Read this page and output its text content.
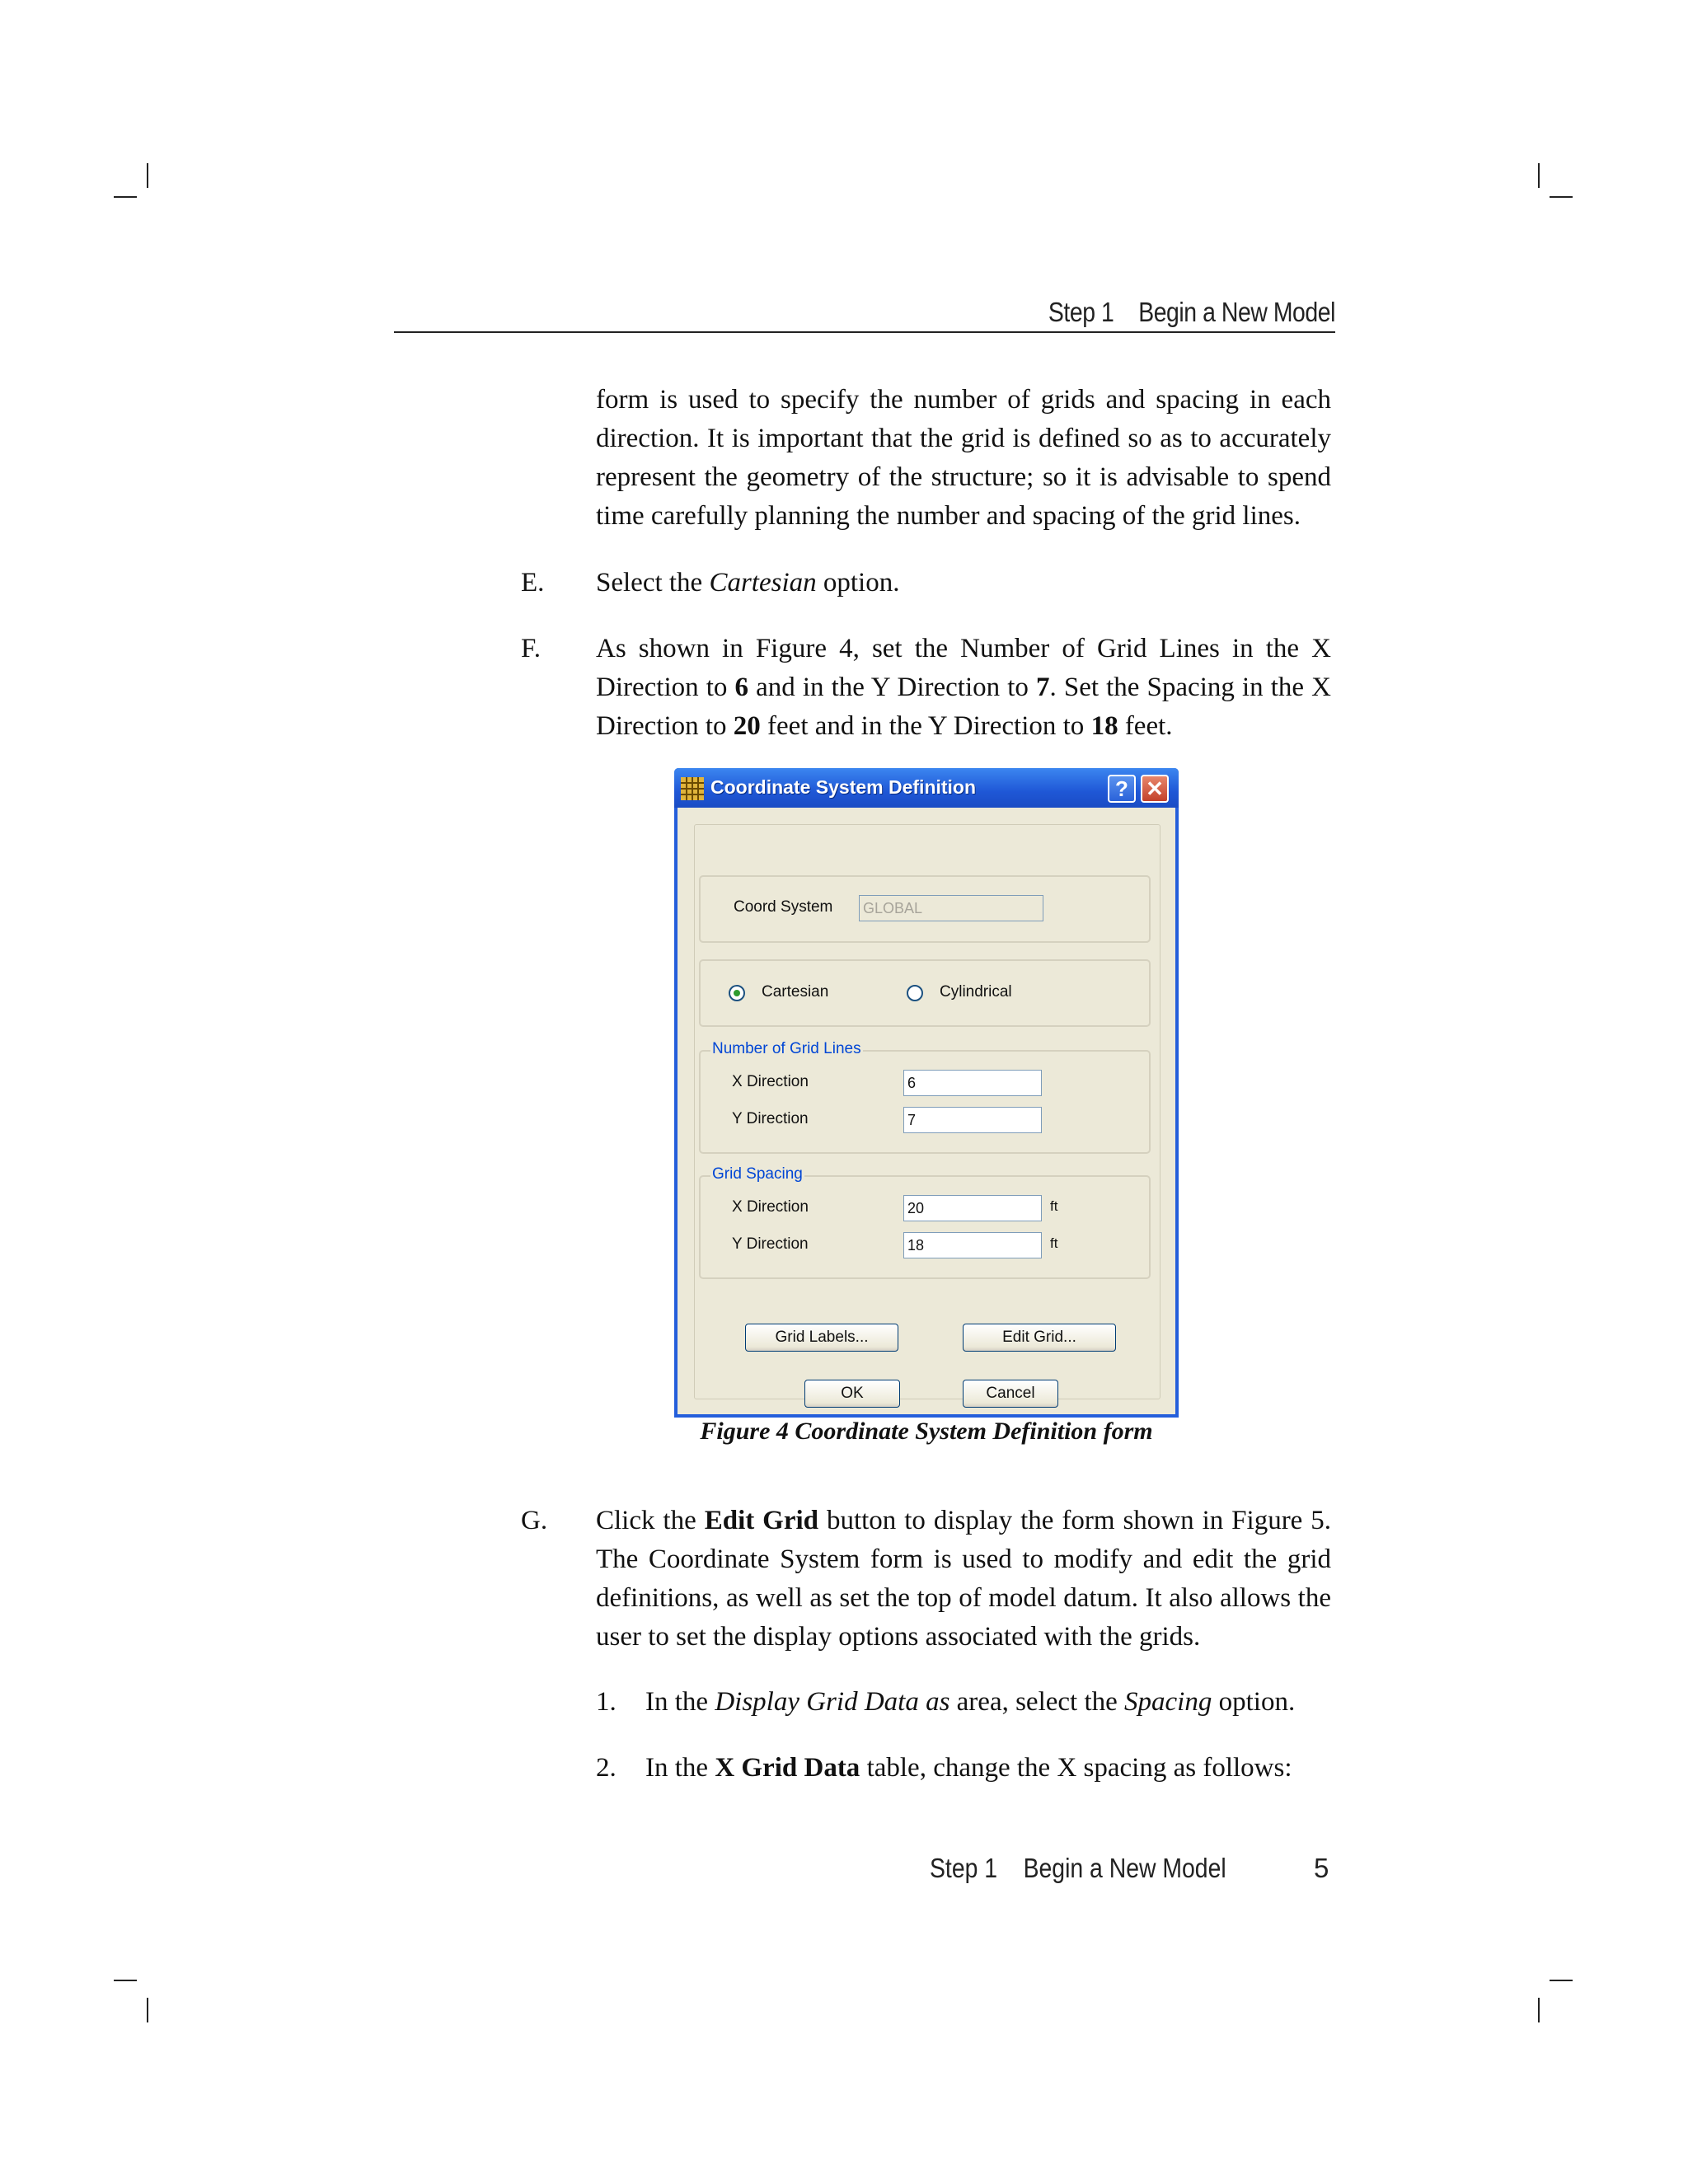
Step 1    Begin a New Model
form is used to specify the number of grids and spacing in each direction. It is important that the grid is defined so as to accurately represent the geometry of the structure; so it is advisable to spend time carefully planning the number and spacing of the grid lines.
E. Select the Cartesian option.
F. As shown in Figure 4, set the Number of Grid Lines in the X Direction to 6 and in the Y Direction to 7. Set the Spacing in the X Direction to 20 feet and in the Y Direction to 18 feet.
Coordinate System Definition	? ✕
Coord System GLOBAL
Cartesian	Cylindrical
Number of Grid Lines
X Direction	6
Y Direction	7
Grid Spacing
X Direction	20	ft
Y Direction	18	ft
Grid Labels...	Edit Grid...
OK	Cancel
Figure 4 Coordinate System Definition form
G. Click the Edit Grid button to display the form shown in Figure 5. The Coordinate System form is used to modify and edit the grid definitions, as well as set the top of model datum. It also allows the user to set the display options associated with the grids.
1. In the Display Grid Data as area, select the Spacing option.
2. In the X Grid Data table, change the X spacing as follows:
Step 1    Begin a New Model	5
